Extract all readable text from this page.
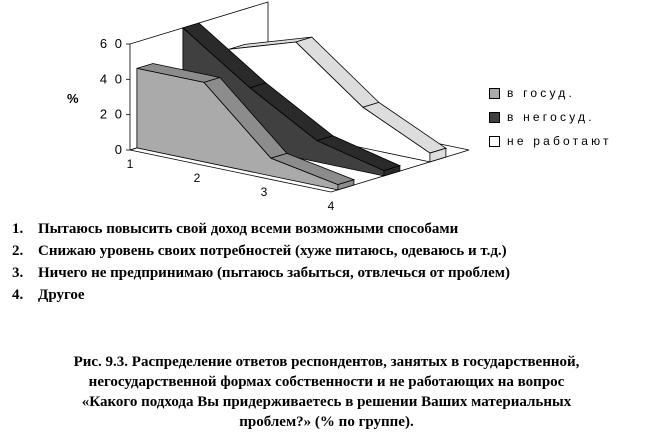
6 0
4 0
2 0
0
1
2
3
4
%	в госуд.
в негосуд.
не работают
1. Пытаюсь повысить свой доход всеми возможными способами
2. Снижаю уровень своих потребностей (хуже питаюсь, одеваюсь и т.д.)
3. Ничего не предпринимаю (пытаюсь забыться, отвлечься от проблем)
4. Другое
Рис. 9.3. Распределение ответов респондентов, занятых в государственной,
негосударственной формах собственности и не работающих на вопрос
«Какого подхода Вы придерживаетесь в решении Ваших материальных
проблем?» (% по группе).
